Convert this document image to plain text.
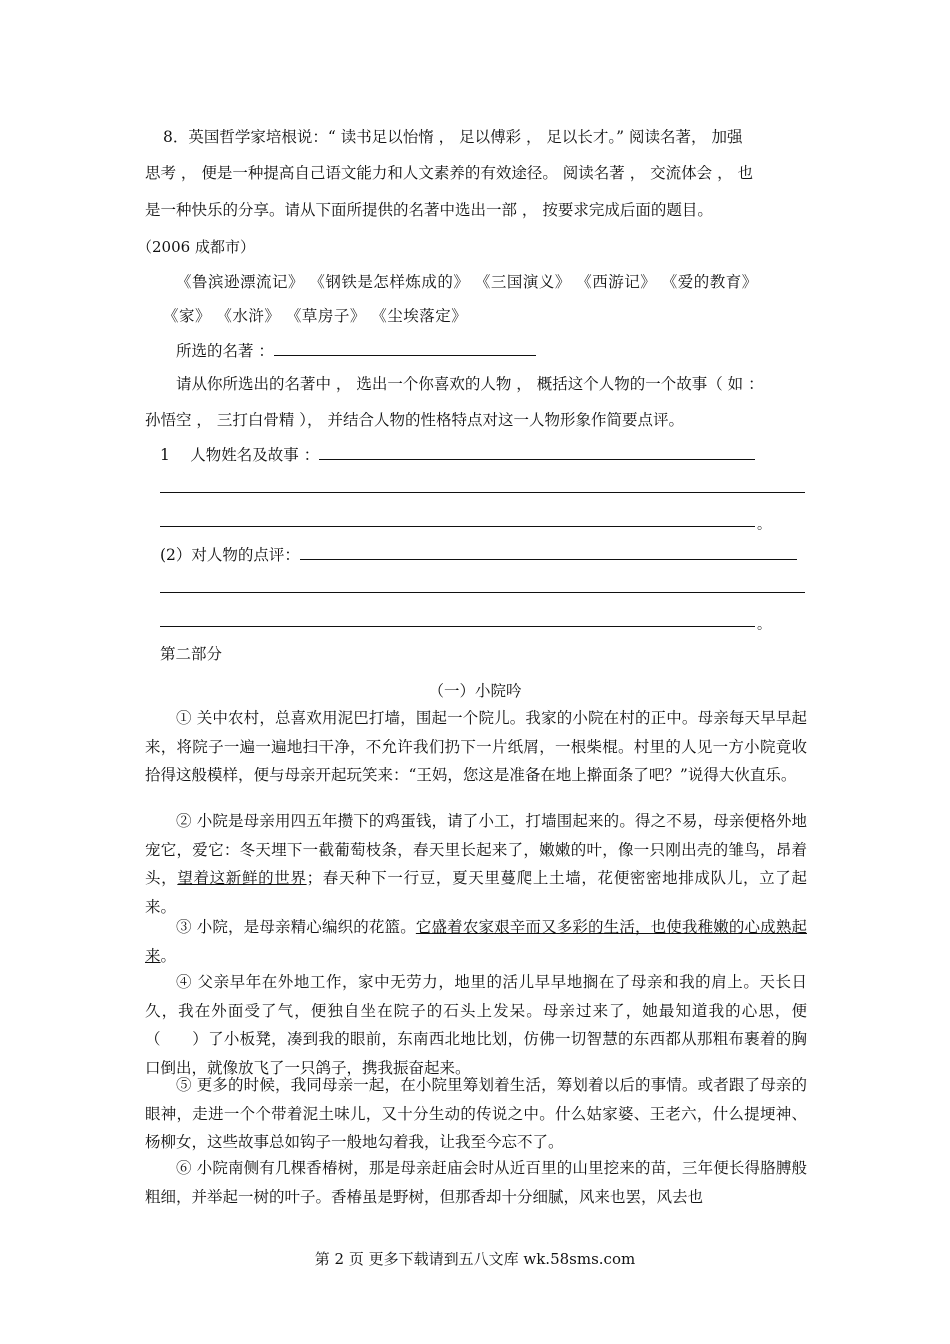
8．英国哲学家培根说：“ 读书足以怡惰 ， 足以傅彩 ， 足以长才。” 阅读名著， 加强
思考 ， 便是一种提高自己语文能力和人文素养的有效途径。 阅读名著 ， 交流体会 ， 也
是一种快乐的分享。请从下面所提供的名著中选出一部 ， 按要求完成后面的题目。
（2006 成都市）
《鲁滨逊漂流记》 《钢铁是怎样炼成的》 《三国演义》 《西游记》 《爱的教育》
《家》 《水浒》 《草房子》 《尘埃落定》
所选的名著 ：
请从你所选出的名著中 ， 选出一个你喜欢的人物 ， 概括这个人物的一个故事（ 如 ：
孙悟空 ， 三打白骨精 ）， 并结合人物的性格特点对这一人物形象作简要点评。
1　 人物姓名及故事 ：
。
(2）对人物的点评：
。
第二部分
（一）小院吟
① 关中农村，总喜欢用泥巴打墙，围起一个院儿。我家的小院在村的正中。母亲每天早早起来，将院子一遍一遍地扫干净，不允许我们扔下一片纸屑，一根柴棍。村里的人见一方小院竟收拾得这般模样，便与母亲开起玩笑来：“王妈，您这是准备在地上擀面条了吧？”说得大伙直乐。
② 小院是母亲用四五年攒下的鸡蛋钱，请了小工，打墙围起来的。得之不易，母亲便格外地宠它，爱它：冬天埋下一截葡萄枝条，春天里长起来了，嫩嫩的叶，像一只刚出壳的雏鸟，昂着头，望着这新鲜的世界；春天种下一行豆，夏天里蔓爬上土墙，花便密密地排成队儿，立了起来。
③ 小院，是母亲精心编织的花篮。它盛着农家艰辛而又多彩的生活，也使我稚嫩的心成熟起来。
④ 父亲早年在外地工作，家中无劳力，地里的活儿早早地搁在了母亲和我的肩上。天长日久，我在外面受了气，便独自坐在院子的石头上发呆。母亲过来了，她最知道我的心思，便（　　）了小板凳，凑到我的眼前，东南西北地比划，仿佛一切智慧的东西都从那粗布裹着的胸口倒出，就像放飞了一只鸽子，携我振奋起来。
⑤ 更多的时候，我同母亲一起，在小院里筹划着生活，筹划着以后的事情。或者跟了母亲的眼神，走进一个个带着泥土味儿，又十分生动的传说之中。什么姑家婆、王老六，什么提埂神、杨柳女，这些故事总如钩子一般地勾着我，让我至今忘不了。
⑥ 小院南侧有几棵香椿树，那是母亲赶庙会时从近百里的山里挖来的苗，三年便长得胳膊般粗细，并举起一树的叶子。香椿虽是野树，但那香却十分细腻，风来也罢，风去也
第 2 页 更多下载请到五八文库 wk.58sms.com
